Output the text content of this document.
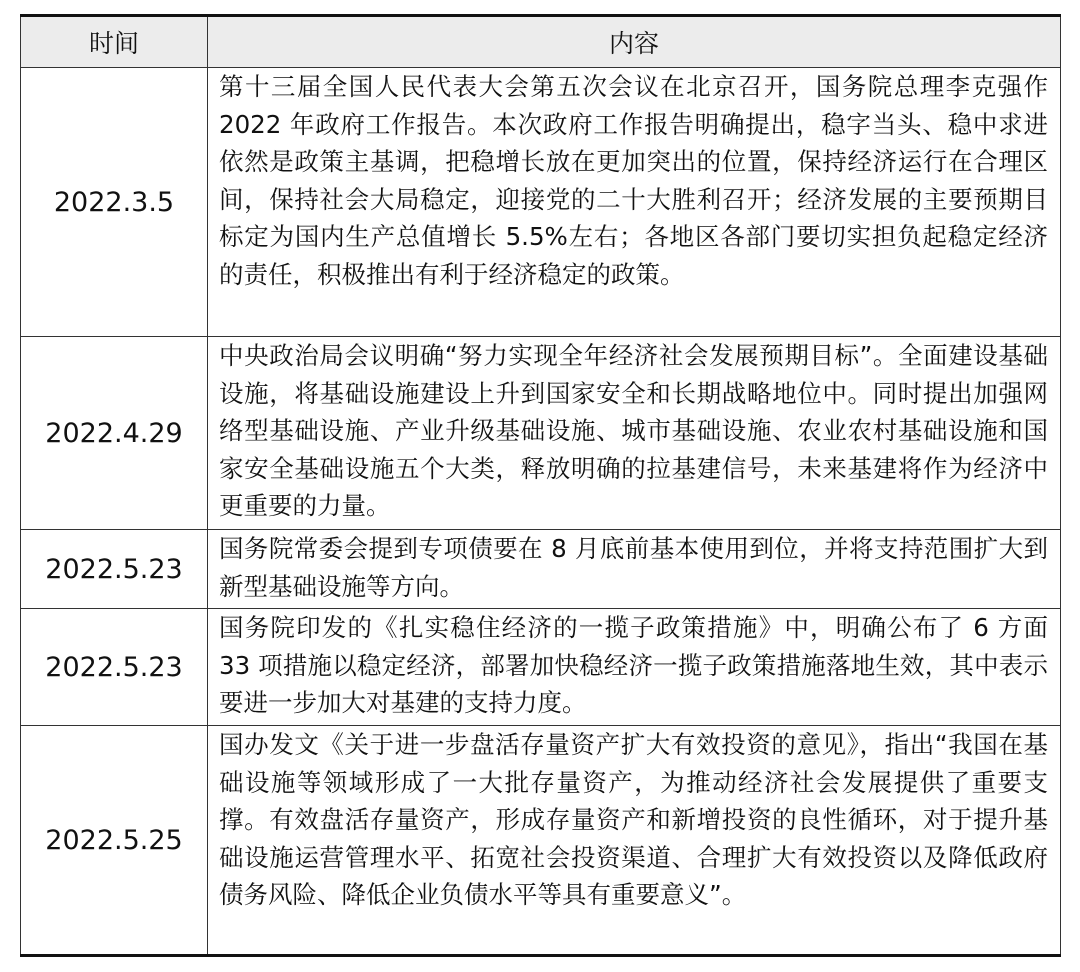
时间	内容
2022.3.5	第十三届全国人民代表大会第五次会议在北京召开，国务院总理李克强作 2022 年政府工作报告。本次政府工作报告明确提出，稳字当头、稳中求进依然是政策主基调，把稳增长放在更加突出的位置，保持经济运行在合理区间，保持社会大局稳定，迎接党的二十大胜利召开；经济发展的主要预期目标定为国内生产总值增长 5.5%左右；各地区各部门要切实担负起稳定经济的责任，积极推出有利于经济稳定的政策。
2022.4.29	中央政治局会议明确“努力实现全年经济社会发展预期目标”。全面建设基础设施，将基础设施建设上升到国家安全和长期战略地位中。同时提出加强网络型基础设施、产业升级基础设施、城市基础设施、农业农村基础设施和国家安全基础设施五个大类，释放明确的拉基建信号，未来基建将作为经济中更重要的力量。
2022.5.23	国务院常委会提到专项债要在 8 月底前基本使用到位，并将支持范围扩大到新型基础设施等方向。
2022.5.23	国务院印发的《扎实稳住经济的一揽子政策措施》中，明确公布了 6 方面 33 项措施以稳定经济，部署加快稳经济一揽子政策措施落地生效，其中表示要进一步加大对基建的支持力度。
2022.5.25	国办发文《关于进一步盘活存量资产扩大有效投资的意见》，指出“我国在基础设施等领域形成了一大批存量资产，为推动经济社会发展提供了重要支撑。有效盘活存量资产，形成存量资产和新增投资的良性循环，对于提升基础设施运营管理水平、拓宽社会投资渠道、合理扩大有效投资以及降低政府债务风险、降低企业负债水平等具有重要意义”。
